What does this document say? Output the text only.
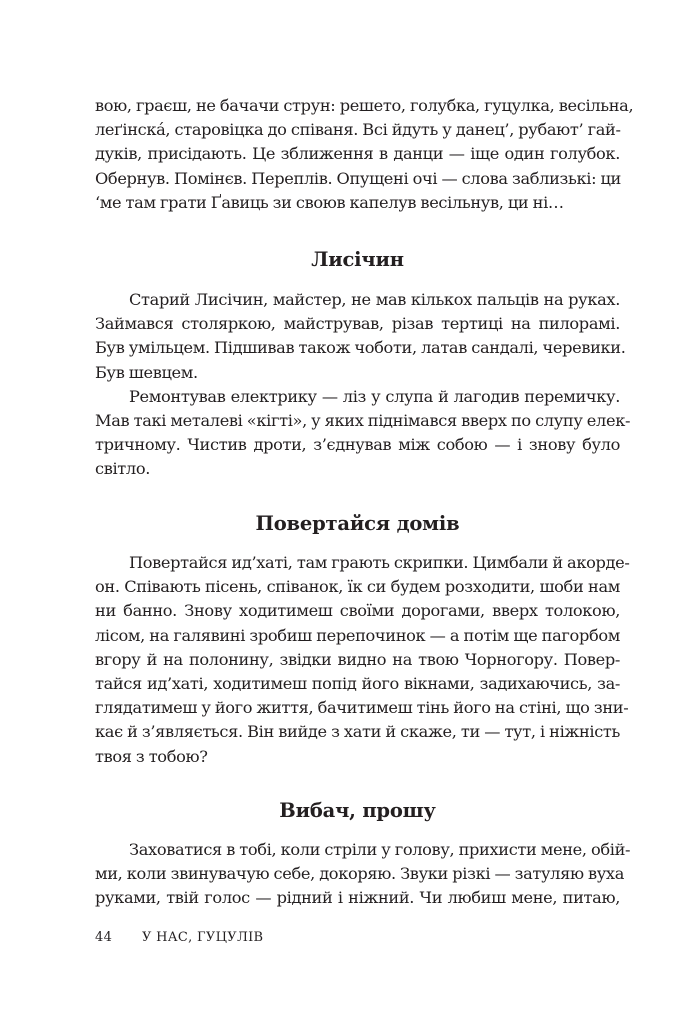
вою, граєш, не бачачи струн: решето, голубка, гуцулка, весільна,
леґінска́, старовіцка до співаня. Всі йдуть у данец’, рубают’ гай-
дуків, присідають. Це зближення в данци — іще один голубок.
Обернув. Помінєв. Переплів. Опущені очі — слова заблизькі: ци
‘ме там грати Ґавиць зи своюв капелув весільнув, ци ні…
Лисічин
Старий Лисічин, майстер, не мав кількох пальців на руках.
Займався столяркою, майстрував, різав тертиці на пилорамі.
Був умільцем. Підшивав також чоботи, латав сандалі, черевики.
Був шевцем.
Ремонтував електрику — ліз у слупа й лагодив перемичку.
Мав такі металеві «кігті», у яких піднімався вверх по слупу елек-
тричному. Чистив дроти, з’єднував між собою — і знову було
світло.
Повертайся домів
Повертайся ид’хаті, там грають скрипки. Цимбали й акорде-
он. Співають пісень, співанок, їк си будем розходити, шоби нам
ни банно. Знову ходитимеш своїми дорогами, вверх толокою,
лісом, на галявині зробиш перепочинок — а потім ще пагорбом
вгору й на полонину, звідки видно на твою Чорногору. Повер-
тайся ид’хаті, ходитимеш попід його вікнами, задихаючись, за-
глядатимеш у його життя, бачитимеш тінь його на стіні, що зни-
кає й з’являється. Він вийде з хати й скаже, ти — тут, і ніжність
твоя з тобою?
Вибач, прошу
Заховатися в тобі, коли стріли у голову, прихисти мене, обій-
ми, коли звинувачую себе, докоряю. Звуки різкі — затуляю вуха
руками, твій голос — рідний і ніжний. Чи любиш мене, питаю,
44 У НАС, ГУЦУЛІВ
